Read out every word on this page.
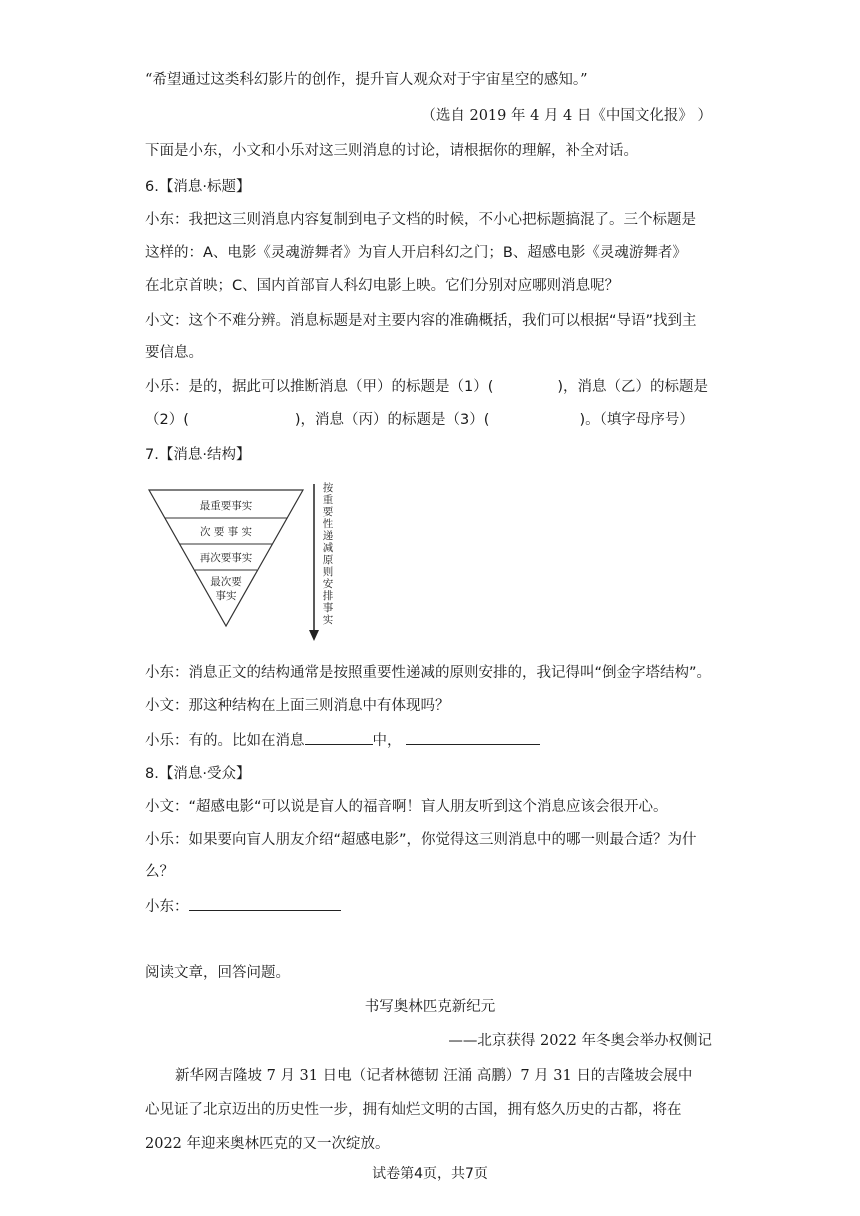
“希望通过这类科幻影片的创作，提升盲人观众对于宇宙星空的感知。”
（选自 2019 年 4 月 4 日《中国文化报》 ）
下面是小东，小文和小乐对这三则消息的讨论，请根据你的理解，补全对话。
6.【消息·标题】
小东：我把这三则消息内容复制到电子文档的时候，不小心把标题搞混了。三个标题是
这样的：A、电影《灵魂游舞者》为盲人开启科幻之门；B、超感电影《灵魂游舞者》
在北京首映；C、国内首部盲人科幻电影上映。它们分别对应哪则消息呢？
小文：这个不难分辨。消息标题是对主要内容的准确概括，我们可以根据“导语”找到主
要信息。
小乐：是的，据此可以推断消息（甲）的标题是（1）(	)，消息（乙）的标题是
（2）(	)，消息（丙）的标题是（3）(	)。（填字母序号）
7.【消息·结构】
最重要事实
次 要 事 实
再次要事实
最次要
事实
按
重
要
性
递
减
原
则
安
排
事
实
小东：消息正文的结构通常是按照重要性递减的原则安排的，我记得叫“倒金字塔结构”。
小文：那这种结构在上面三则消息中有体现吗？
小乐：有的。比如在消息	中，
8.【消息·受众】
小文：“超感电影“可以说是盲人的福音啊！盲人朋友听到这个消息应该会很开心。
小乐：如果要向盲人朋友介绍“超感电影”，你觉得这三则消息中的哪一则最合适？为什
么？
小东：
阅读文章，回答问题。
书写奥林匹克新纪元
——北京获得 2022 年冬奥会举办权侧记
新华网吉隆坡 7 月 31 日电（记者林德韧 汪涌 高鹏）7 月 31 日的吉隆坡会展中
心见证了北京迈出的历史性一步，拥有灿烂文明的古国，拥有悠久历史的古都，将在
2022 年迎来奥林匹克的又一次绽放。
试卷第4页，共7页
